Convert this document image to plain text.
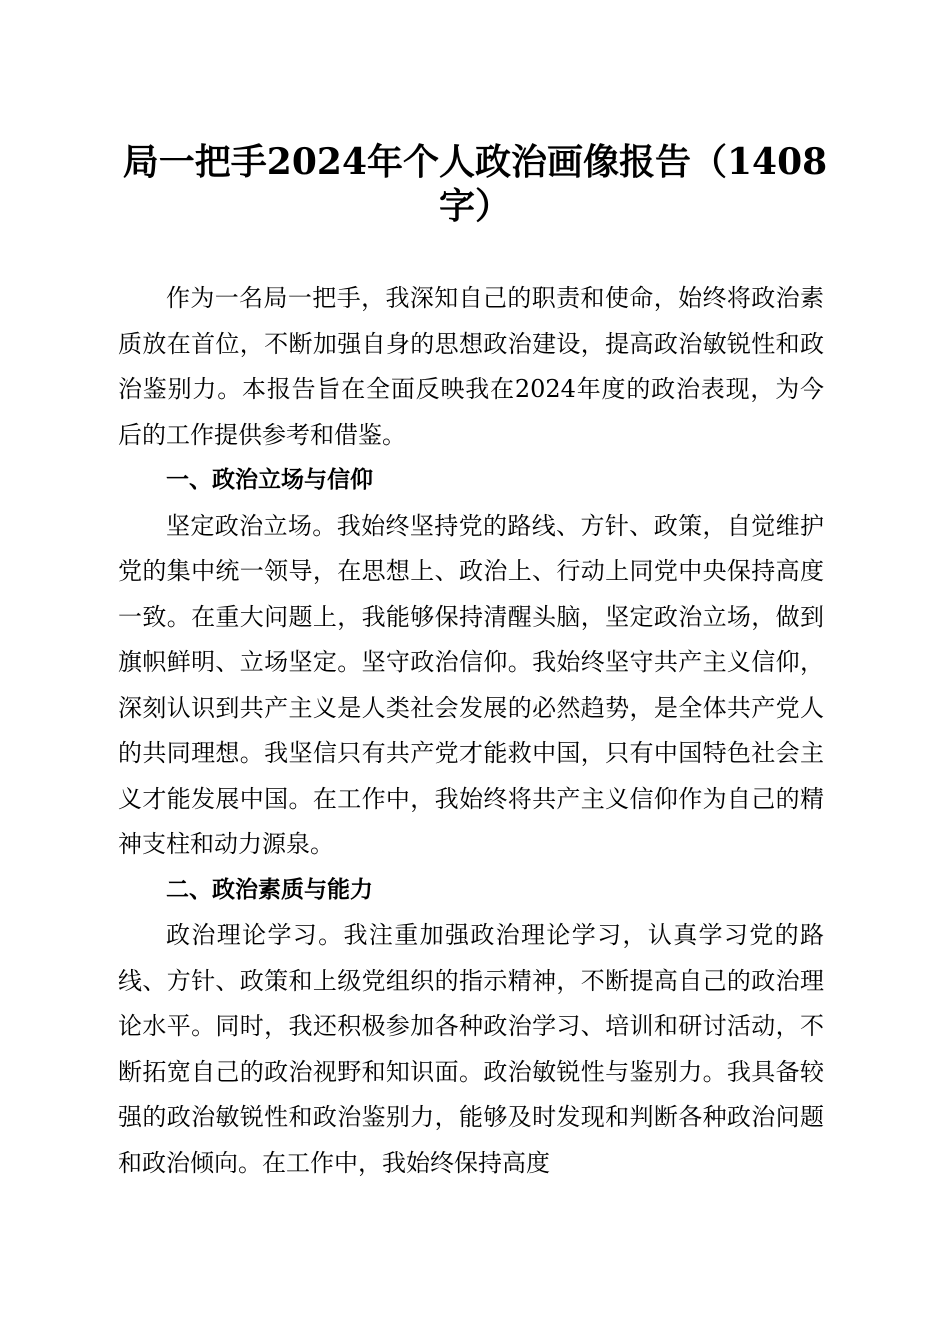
局一把手2024年个人政治画像报告（1408字）

作为一名局一把手，我深知自己的职责和使命，始终将政治素质放在首位，不断加强自身的思想政治建设，提高政治敏锐性和政治鉴别力。本报告旨在全面反映我在2024年度的政治表现，为今后的工作提供参考和借鉴。

一、政治立场与信仰

坚定政治立场。我始终坚持党的路线、方针、政策，自觉维护党的集中统一领导，在思想上、政治上、行动上同党中央保持高度一致。在重大问题上，我能够保持清醒头脑，坚定政治立场，做到旗帜鲜明、立场坚定。坚守政治信仰。我始终坚守共产主义信仰，深刻认识到共产主义是人类社会发展的必然趋势，是全体共产党人的共同理想。我坚信只有共产党才能救中国，只有中国特色社会主义才能发展中国。在工作中，我始终将共产主义信仰作为自己的精神支柱和动力源泉。

二、政治素质与能力

政治理论学习。我注重加强政治理论学习，认真学习党的路线、方针、政策和上级党组织的指示精神，不断提高自己的政治理论水平。同时，我还积极参加各种政治学习、培训和研讨活动，不断拓宽自己的政治视野和知识面。政治敏锐性与鉴别力。我具备较强的政治敏锐性和政治鉴别力，能够及时发现和判断各种政治问题和政治倾向。在工作中，我始终保持高度
